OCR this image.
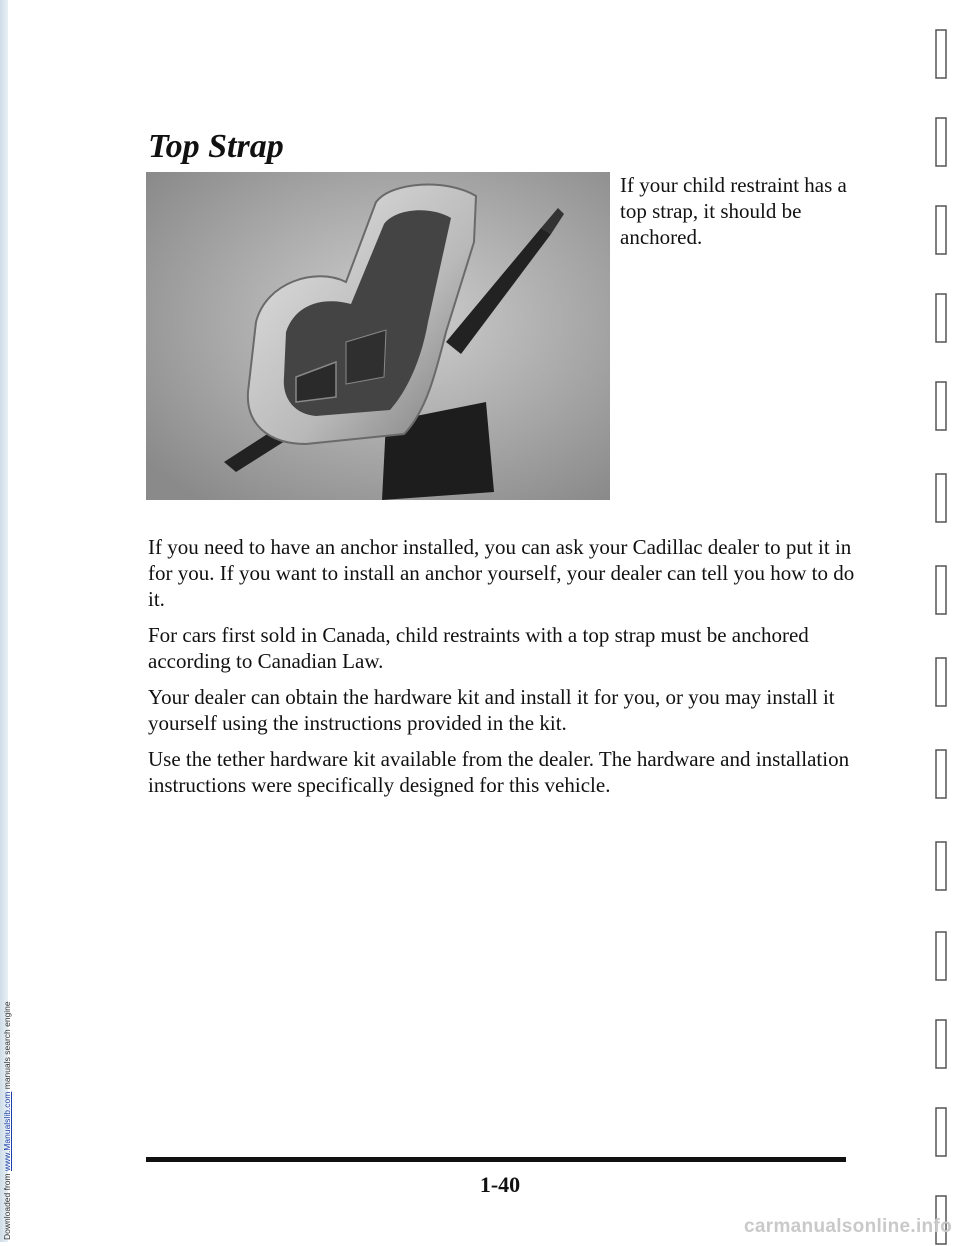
Downloaded from www.Manualslib.com manuals search engine
Top Strap

If your child restraint has a top strap, it should be anchored.

If you need to have an anchor installed, you can ask your Cadillac dealer to put it in for you. If you want to install an anchor yourself, your dealer can tell you how to do it.

For cars first sold in Canada, child restraints with a top strap must be anchored according to Canadian Law.

Your dealer can obtain the hardware kit and install it for you, or you may install it yourself using the instructions provided in the kit.

Use the tether hardware kit available from the dealer. The hardware and installation instructions were specifically designed for this vehicle.

1-40
carmanualsonline.info
